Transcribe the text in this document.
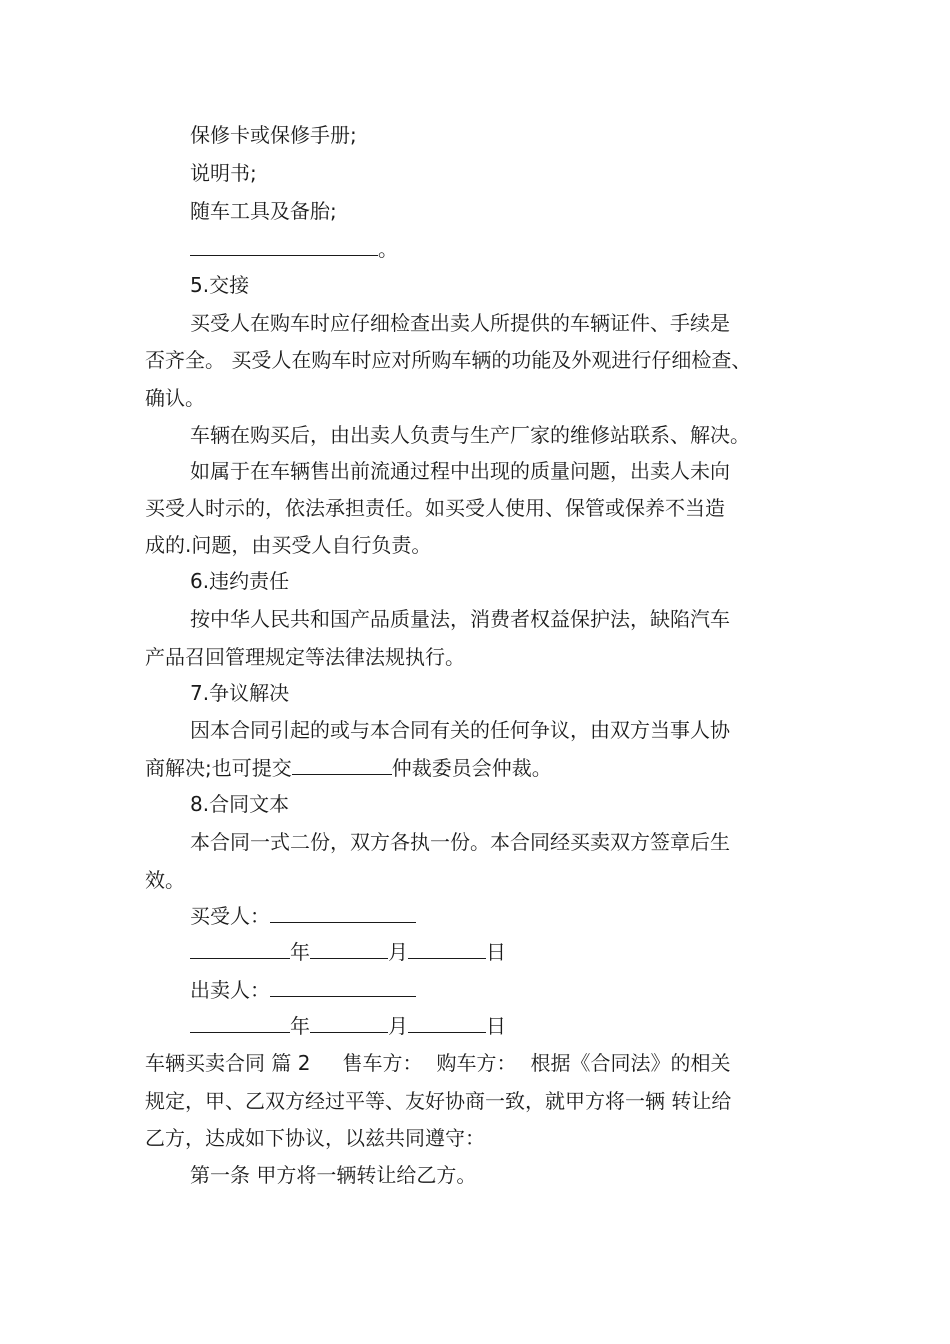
保修卡或保修手册;
说明书;
随车工具及备胎;
。
5.交接
买受人在购车时应仔细检查出卖人所提供的车辆证件、手续是
否齐全。 买受人在购车时应对所购车辆的功能及外观进行仔细检查、
确认。
车辆在购买后，由出卖人负责与生产厂家的维修站联系、解决。
如属于在车辆售出前流通过程中出现的质量问题，出卖人未向
买受人时示的，依法承担责任。如买受人使用、保管或保养不当造
成的.问题，由买受人自行负责。
6.违约责任
按中华人民共和国产品质量法，消费者权益保护法，缺陷汽车
产品召回管理规定等法律法规执行。
7.争议解决
因本合同引起的或与本合同有关的任何争议，由双方当事人协
商解决;也可提交	仲裁委员会仲裁。
8.合同文本
本合同一式二份，双方各执一份。本合同经买卖双方签章后生
效。
买受人：
年	月	日
出卖人：
年	月	日
车辆买卖合同 篇 2 售车方： 购车方： 根据《合同法》的相关
规定，甲、乙双方经过平等、友好协商一致，就甲方将一辆 转让给
乙方，达成如下协议，以兹共同遵守：
第一条 甲方将一辆转让给乙方。
